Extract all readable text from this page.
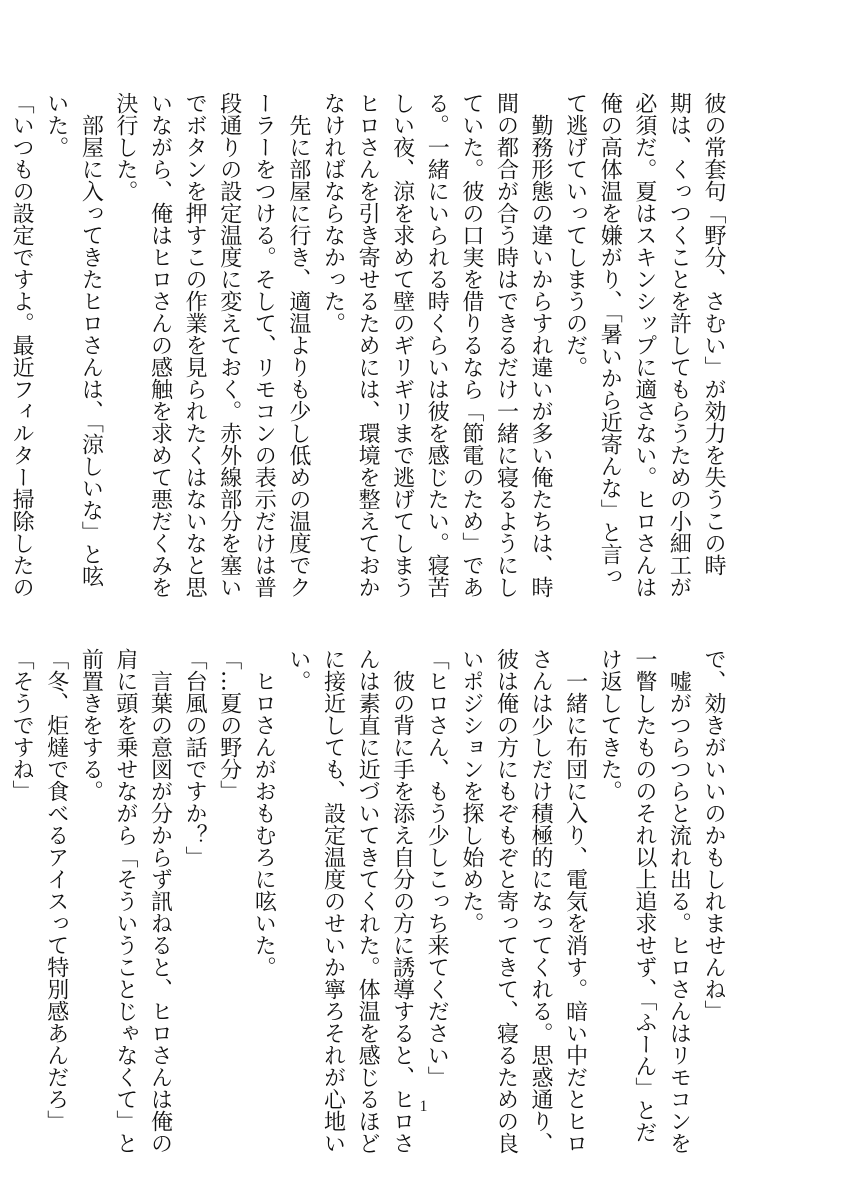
彼の常套句「野分、さむい」が効力を失うこの時
期は、くっつくことを許してもらうための小細工が
必須だ。夏はスキンシップに適さない。ヒロさんは
俺の高体温を嫌がり、「暑いから近寄んな」と言っ
て逃げていってしまうのだ。
　勤務形態の違いからすれ違いが多い俺たちは、時
間の都合が合う時はできるだけ一緒に寝るようにし
ていた。彼の口実を借りるなら「節電のため」であ
る。一緒にいられる時くらいは彼を感じたい。寝苦
しい夜、涼を求めて壁のギリギリまで逃げてしまう
ヒロさんを引き寄せるためには、環境を整えておか
なければならなかった。
　先に部屋に行き、適温よりも少し低めの温度でク
ーラーをつける。そして、リモコンの表示だけは普
段通りの設定温度に変えておく。赤外線部分を塞い
でボタンを押すこの作業を見られたくはないなと思
いながら、俺はヒロさんの感触を求めて悪だくみを
決行した。
　部屋に入ってきたヒロさんは、「涼しいな」と呟
いた。
「いつもの設定ですよ。最近フィルター掃除したの
で、効きがいいのかもしれませんね」
　嘘がつらつらと流れ出る。ヒロさんはリモコンを
一瞥したもののそれ以上追求せず、「ふーん」とだ
け返してきた。
　一緒に布団に入り、電気を消す。暗い中だとヒロ
さんは少しだけ積極的になってくれる。思惑通り、
彼は俺の方にもぞもぞと寄ってきて、寝るための良
いポジションを探し始めた。
「ヒロさん、もう少しこっち来てください」
　彼の背に手を添え自分の方に誘導すると、ヒロさ
んは素直に近づいてきてくれた。体温を感じるほど
に接近しても、設定温度のせいか寧ろそれが心地い
い。
　ヒロさんがおもむろに呟いた。
「…夏の野分」
「台風の話ですか？」
　言葉の意図が分からず訊ねると、ヒロさんは俺の
肩に頭を乗せながら「そういうことじゃなくて」と
前置きをする。
「冬、炬燵で食べるアイスって特別感あんだろ」
「そうですね」
1
